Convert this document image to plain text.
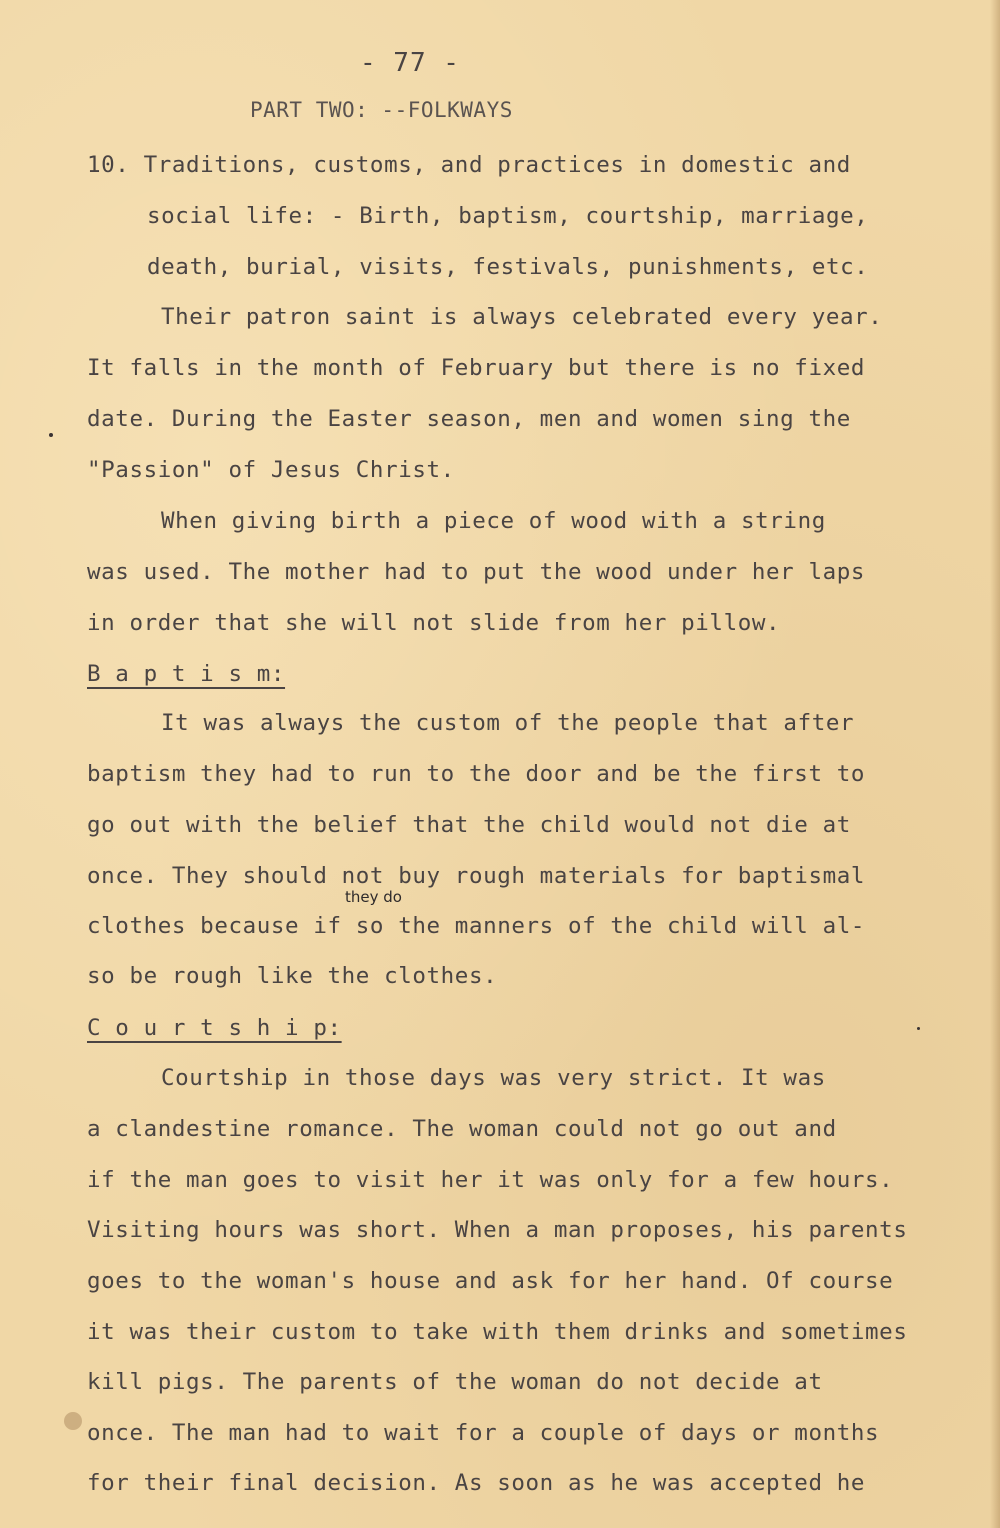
- 77 -
PART TWO: --FOLKWAYS
10. Traditions, customs, and practices in domestic and
social life: - Birth, baptism, courtship, marriage,
death, burial, visits, festivals, punishments, etc.
Their patron saint is always celebrated every year.
It falls in the month of February but there is no fixed
date. During the Easter season, men and women sing the
"Passion" of Jesus Christ.
When giving birth a piece of wood with a string
was used. The mother had to put the wood under her laps
in order that she will not slide from her pillow.
B a p t i s m:
It was always the custom of the people that after
baptism they had to run to the door and be the first to
go out with the belief that the child would not die at
once. They should not buy rough materials for baptismal
they do
clothes because if so the manners of the child will al-
so be rough like the clothes.
C o u r t s h i p:
Courtship in those days was very strict. It was
a clandestine romance. The woman could not go out and
if the man goes to visit her it was only for a few hours.
Visiting hours was short. When a man proposes, his parents
goes to the woman's house and ask for her hand. Of course
it was their custom to take with them drinks and sometimes
kill pigs. The parents of the woman do not decide at
once. The man had to wait for a couple of days or months
for their final decision. As soon as he was accepted he
